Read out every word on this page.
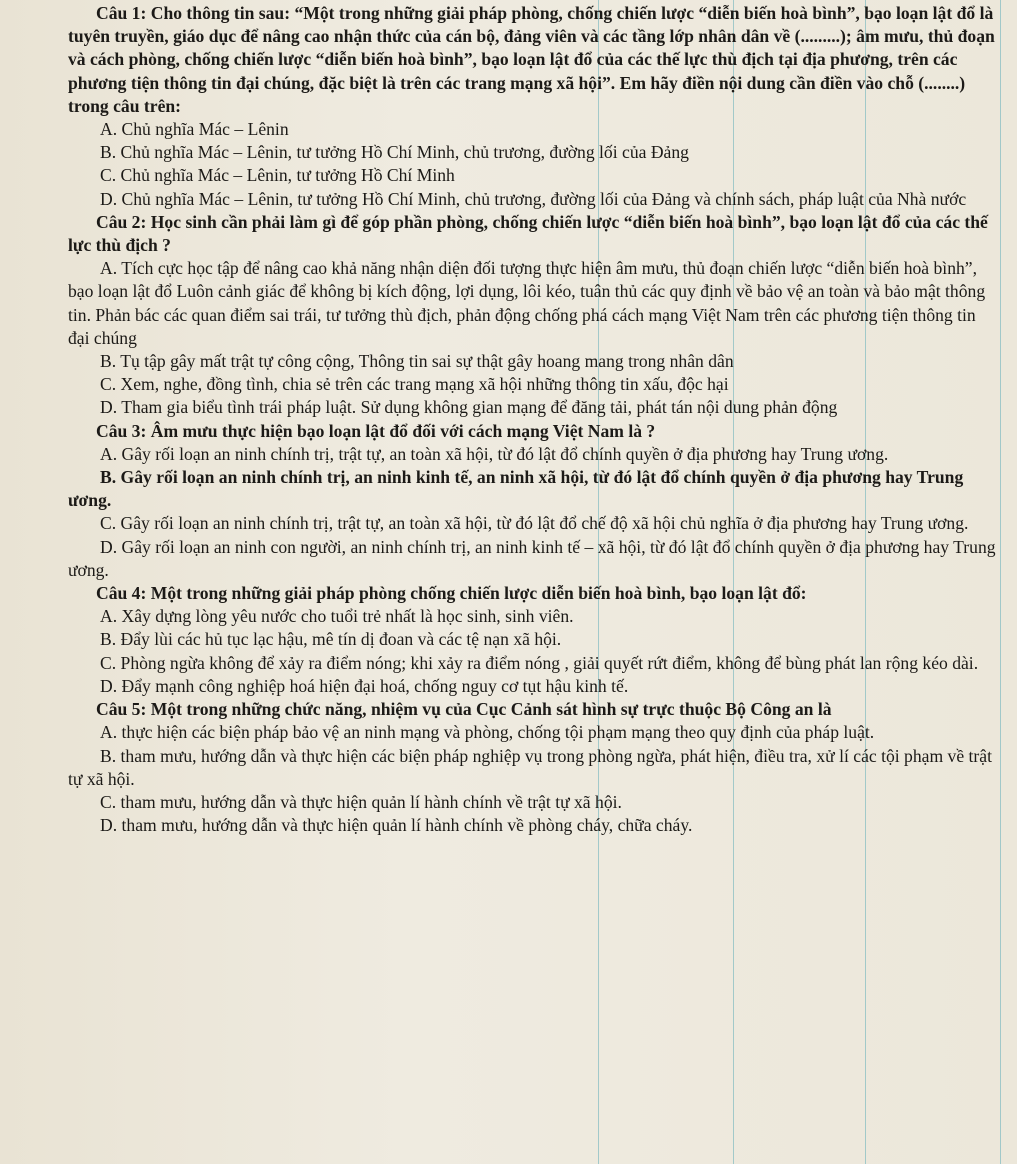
Câu 1: Cho thông tin sau: “Một trong những giải pháp phòng, chống chiến lược “diễn biến hoà bình”, bạo loạn lật đổ là tuyên truyền, giáo dục để nâng cao nhận thức của cán bộ, đảng viên và các tầng lớp nhân dân về (.........); âm mưu, thủ đoạn và cách phòng, chống chiến lược “diễn biến hoà bình”, bạo loạn lật đổ của các thế lực thù địch tại địa phương, trên các phương tiện thông tin đại chúng, đặc biệt là trên các trang mạng xã hội”. Em hãy điền nội dung cần điền vào chỗ (........) trong câu trên:

A. Chủ nghĩa Mác – Lênin

B. Chủ nghĩa Mác – Lênin, tư tưởng Hồ Chí Minh, chủ trương, đường lối của Đảng

C. Chủ nghĩa Mác – Lênin, tư tưởng Hồ Chí Minh

D. Chủ nghĩa Mác – Lênin, tư tưởng Hồ Chí Minh, chủ trương, đường lối của Đảng và chính sách, pháp luật của Nhà nước

Câu 2: Học sinh cần phải làm gì để góp phần phòng, chống chiến lược “diễn biến hoà bình”, bạo loạn lật đổ của các thế lực thù địch ?

A. Tích cực học tập để nâng cao khả năng nhận diện đối tượng thực hiện âm mưu, thủ đoạn chiến lược “diễn biến hoà bình”, bạo loạn lật đổ Luôn cảnh giác để không bị kích động, lợi dụng, lôi kéo, tuân thủ các quy định về bảo vệ an toàn và bảo mật thông tin. Phản bác các quan điểm sai trái, tư tưởng thù địch, phản động chống phá cách mạng Việt Nam trên các phương tiện thông tin đại chúng

B. Tụ tập gây mất trật tự công cộng, Thông tin sai sự thật gây hoang mang trong nhân dân

C. Xem, nghe, đồng tình, chia sẻ trên các trang mạng xã hội những thông tin xấu, độc hại

D. Tham gia biểu tình trái pháp luật. Sử dụng không gian mạng để đăng tải, phát tán nội dung phản động

Câu 3: Âm mưu thực hiện bạo loạn lật đổ đối với cách mạng Việt Nam là ?

A. Gây rối loạn an ninh chính trị, trật tự, an toàn xã hội, từ đó lật đổ chính quyền ở địa phương hay Trung ương.

B. Gây rối loạn an ninh chính trị, an ninh kinh tế, an ninh xã hội, từ đó lật đổ chính quyền ở địa phương hay Trung ương.

C. Gây rối loạn an ninh chính trị, trật tự, an toàn xã hội, từ đó lật đổ chế độ xã hội chủ nghĩa ở địa phương hay Trung ương.

D. Gây rối loạn an ninh con người, an ninh chính trị, an ninh kinh tế – xã hội, từ đó lật đổ chính quyền ở địa phương hay Trung ương.

Câu 4: Một trong những giải pháp phòng chống chiến lược diễn biến hoà bình, bạo loạn lật đổ:

A. Xây dựng lòng yêu nước cho tuổi trẻ nhất là học sinh, sinh viên.

B. Đẩy lùi các hủ tục lạc hậu, mê tín dị đoan và các tệ nạn xã hội.

C. Phòng ngừa không để xảy ra điểm nóng; khi xảy ra điểm nóng , giải quyết rứt điểm, không để bùng phát lan rộng kéo dài.

D. Đẩy mạnh công nghiệp hoá hiện đại hoá, chống nguy cơ tụt hậu kinh tế.

Câu 5: Một trong những chức năng, nhiệm vụ của Cục Cảnh sát hình sự trực thuộc Bộ Công an là

A. thực hiện các biện pháp bảo vệ an ninh mạng và phòng, chống tội phạm mạng theo quy định của pháp luật.

B. tham mưu, hướng dẫn và thực hiện các biện pháp nghiệp vụ trong phòng ngừa, phát hiện, điều tra, xử lí các tội phạm về trật tự xã hội.

C. tham mưu, hướng dẫn và thực hiện quản lí hành chính về trật tự xã hội.

D. tham mưu, hướng dẫn và thực hiện quản lí hành chính về phòng cháy, chữa cháy.
